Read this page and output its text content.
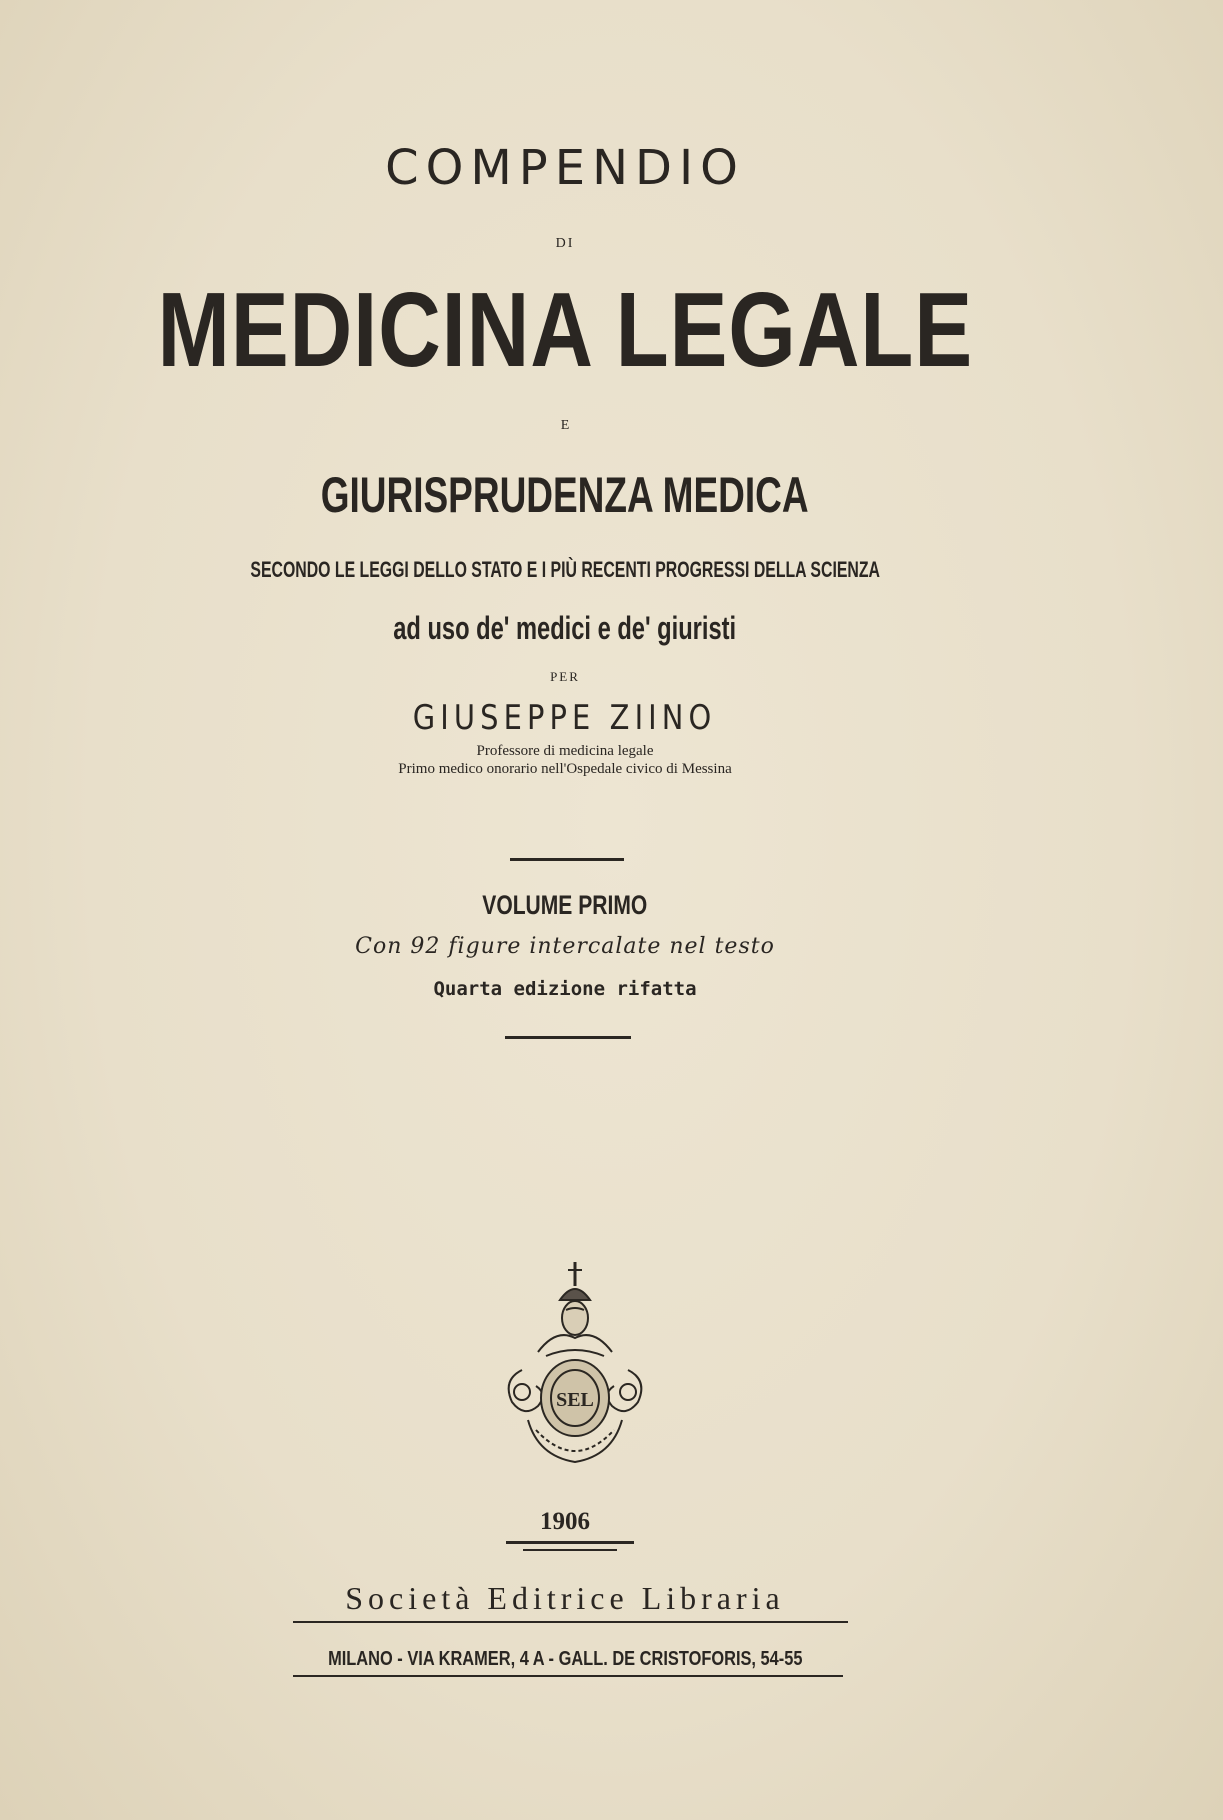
COMPENDIO
DI
MEDICINA LEGALE
E
GIURISPRUDENZA MEDICA
SECONDO LE LEGGI DELLO STATO E I PIÙ RECENTI PROGRESSI DELLA SCIENZA
ad uso de' medici e de' giuristi
PER
GIUSEPPE ZIINO
Professore di medicina legale
Primo medico onorario nell'Ospedale civico di Messina
VOLUME PRIMO
Con 92 figure intercalate nel testo
Quarta edizione rifatta
SEL
1906
Società Editrice Libraria
MILANO - VIA KRAMER, 4 A - GALL. DE CRISTOFORIS, 54-55
